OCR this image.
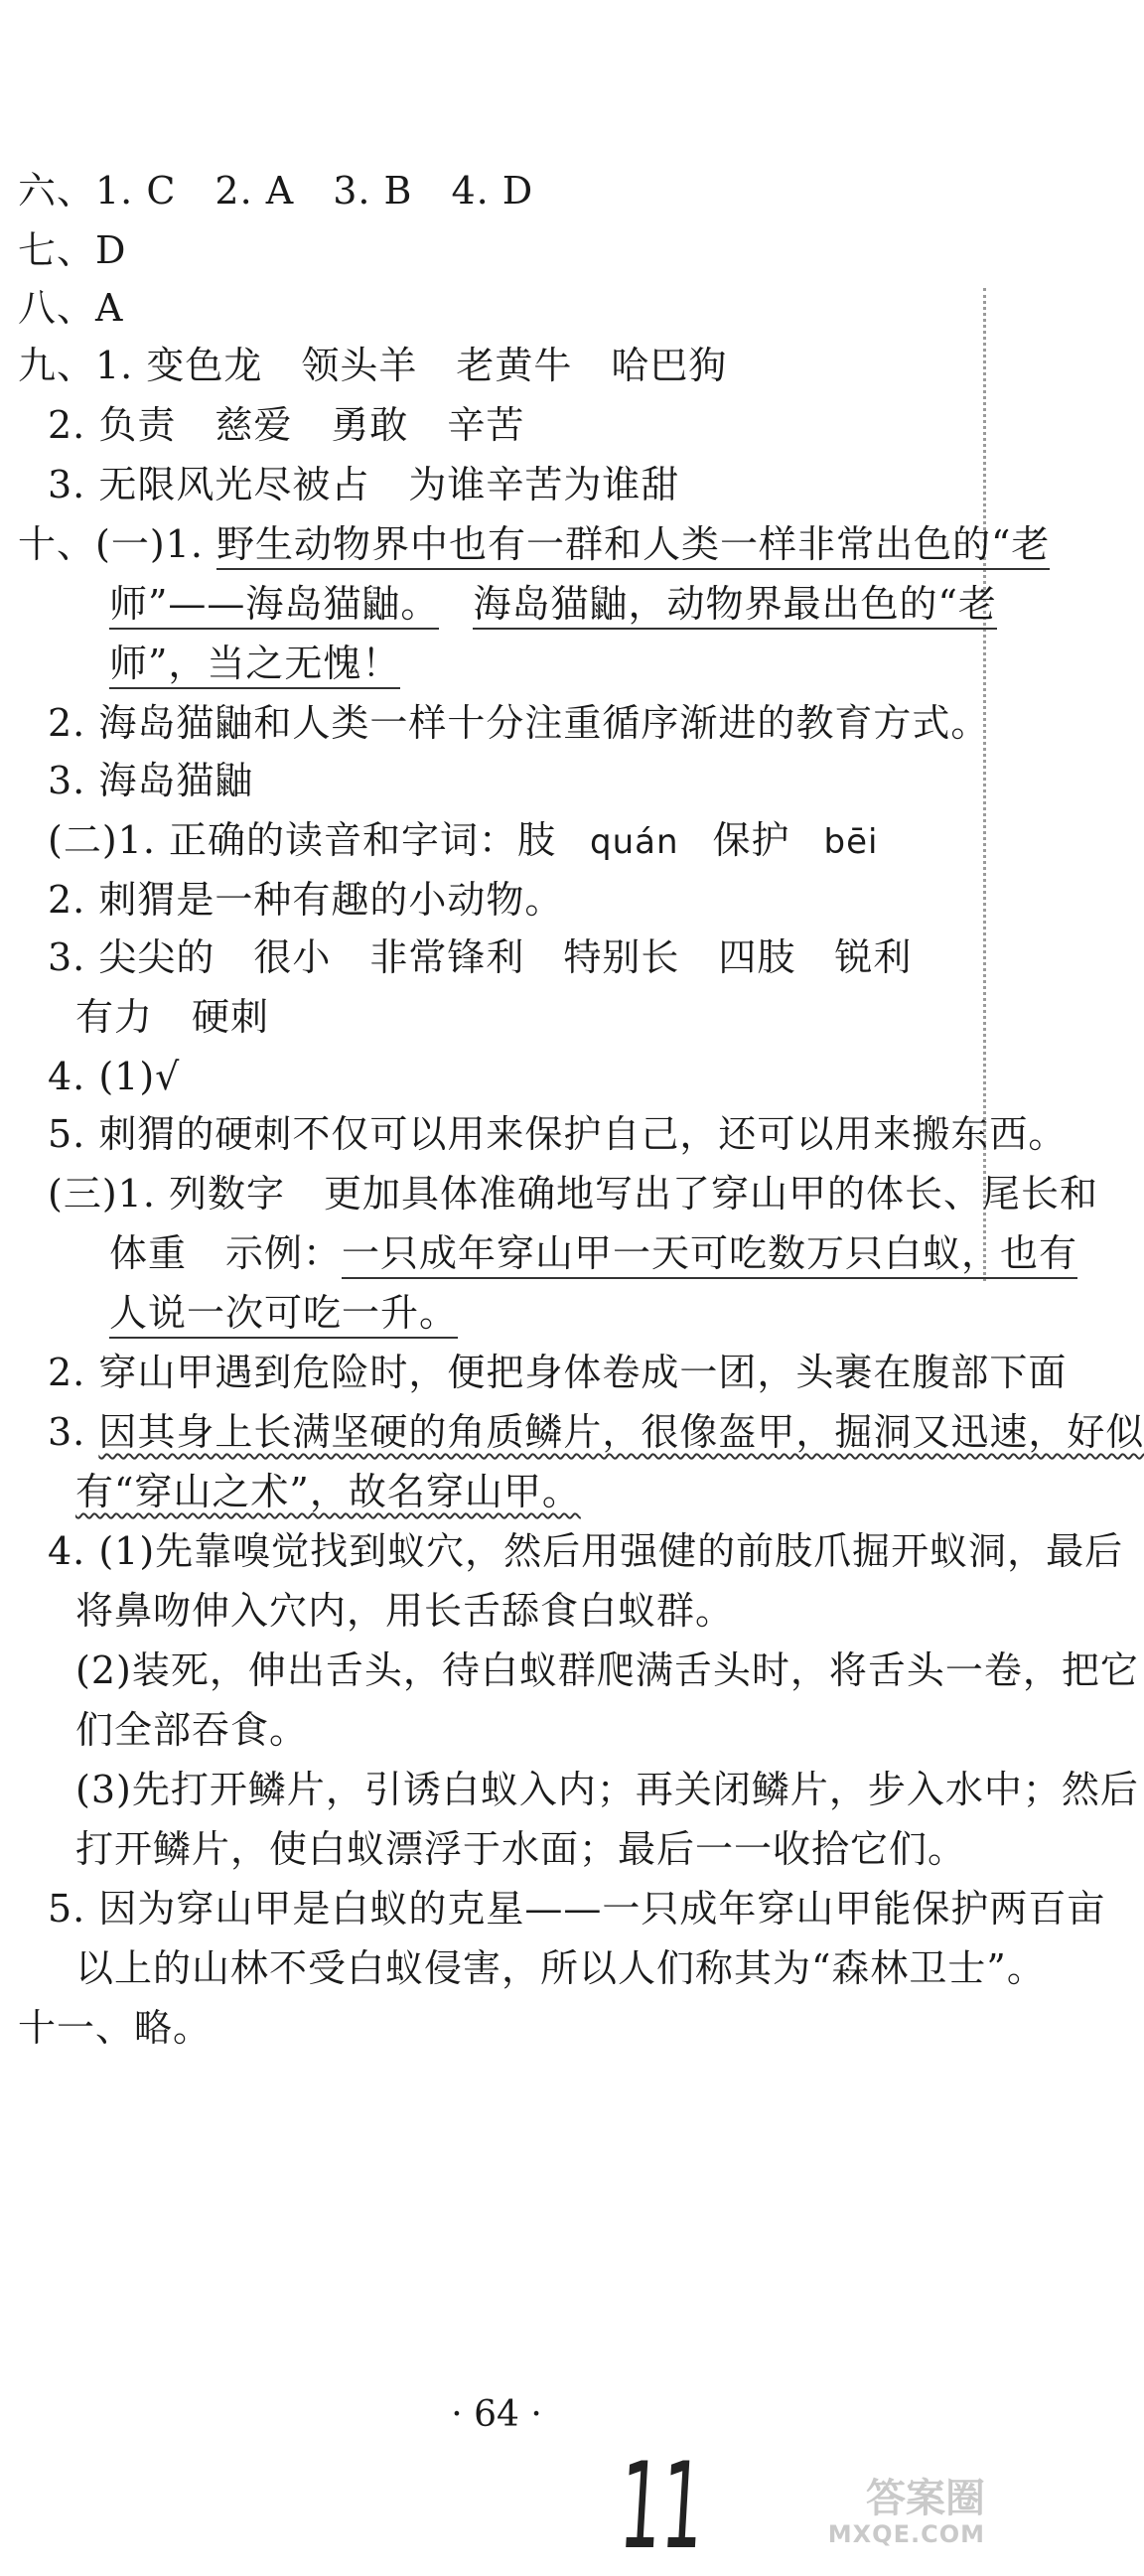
六、1. C　2. A　3. B　4. D
七、D
八、A
九、1. 变色龙　领头羊　老黄牛　哈巴狗
2. 负责　慈爱　勇敢　辛苦
3. 无限风光尽被占　为谁辛苦为谁甜
十、(一)1. 野生动物界中也有一群和人类一样非常出色的“老
师”——海岛猫鼬。 海岛猫鼬，动物界最出色的“老
师”，当之无愧！
2. 海岛猫鼬和人类一样十分注重循序渐进的教育方式。
3. 海岛猫鼬
(二)1. 正确的读音和字词：肢 quán 保护 bēi
2. 刺猬是一种有趣的小动物。
3. 尖尖的　很小　非常锋利　特别长　四肢　锐利
有力　硬刺
4. (1)√
5. 刺猬的硬刺不仅可以用来保护自己，还可以用来搬东西。
(三)1. 列数字　更加具体准确地写出了穿山甲的体长、尾长和
体重　示例：一只成年穿山甲一天可吃数万只白蚁，也有
人说一次可吃一升。
2. 穿山甲遇到危险时，便把身体卷成一团，头裹在腹部下面
3. 因其身上长满坚硬的角质鳞片，很像盔甲，掘洞又迅速，好似
有“穿山之术”，故名穿山甲。
4. (1)先靠嗅觉找到蚁穴，然后用强健的前肢爪掘开蚁洞，最后
将鼻吻伸入穴内，用长舌舔食白蚁群。
(2)装死，伸出舌头，待白蚁群爬满舌头时，将舌头一卷，把它
们全部吞食。
(3)先打开鳞片，引诱白蚁入内；再关闭鳞片，步入水中；然后
打开鳞片，使白蚁漂浮于水面；最后一一收拾它们。
5. 因为穿山甲是白蚁的克星——一只成年穿山甲能保护两百亩
以上的山林不受白蚁侵害，所以人们称其为“森林卫士”。
十一、略。
· 64 ·
11	答案圈
MXQE.COM
